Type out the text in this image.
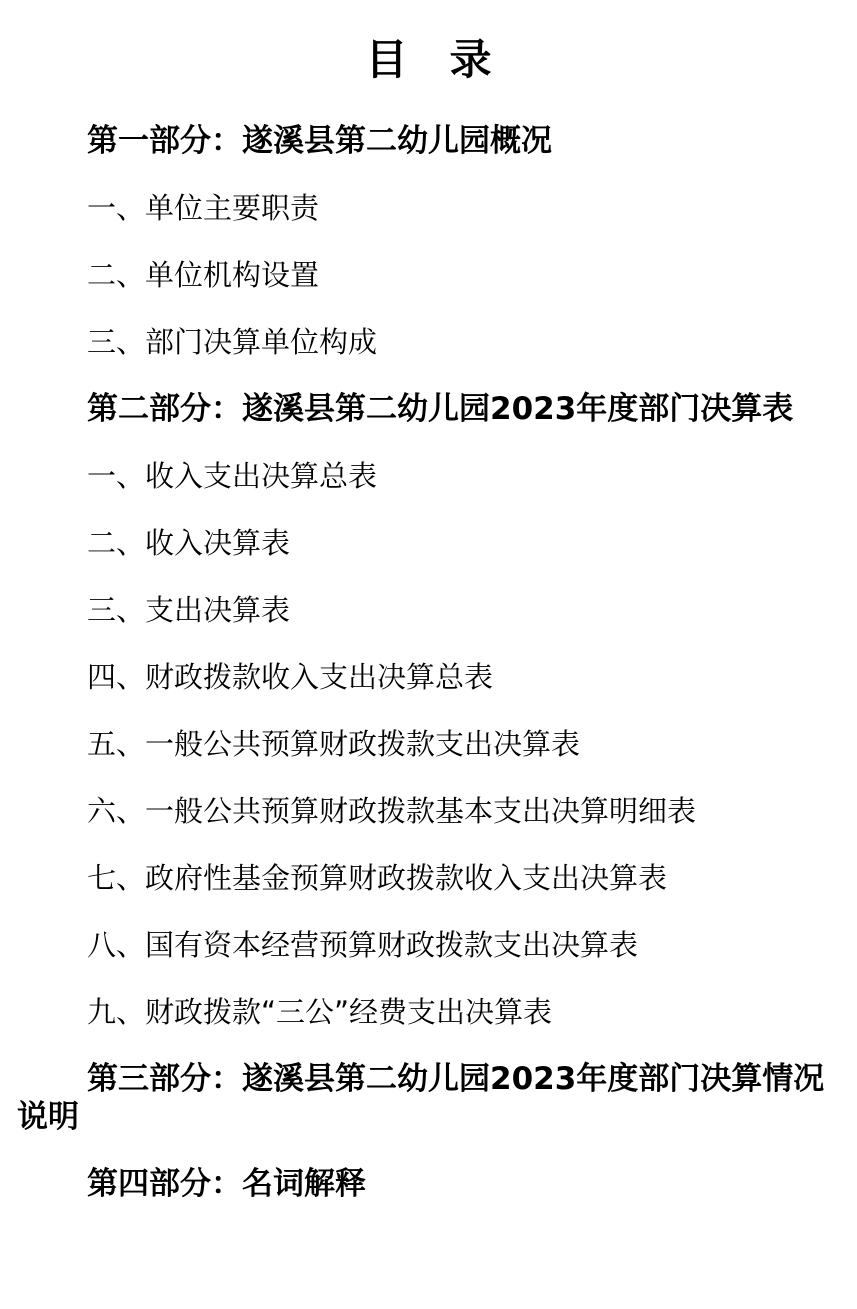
目　录

第一部分：遂溪县第二幼儿园概况

一、单位主要职责

二、单位机构设置

三、部门决算单位构成

第二部分：遂溪县第二幼儿园2023年度部门决算表

一、收入支出决算总表

二、收入决算表

三、支出决算表

四、财政拨款收入支出决算总表

五、一般公共预算财政拨款支出决算表

六、一般公共预算财政拨款基本支出决算明细表

七、政府性基金预算财政拨款收入支出决算表

八、国有资本经营预算财政拨款支出决算表

九、财政拨款“三公”经费支出决算表

第三部分：遂溪县第二幼儿园2023年度部门决算情况说明

第四部分：名词解释
